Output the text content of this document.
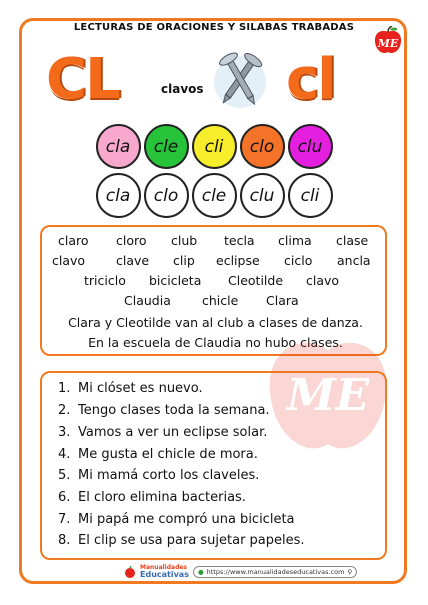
LECTURAS DE ORACIONES Y SILABAS TRABADAS
ME
CL	cl
clavos
cla	cle	cli	clo	clu
cla	clo	cle	clu	cli
claro cloro club tecla clima clase
clavo clave clip eclipse ciclo ancla
triciclo bicicleta Cleotilde clavo
Claudia chicle Clara
Clara y Cleotilde van al club a clases de danza.
En la escuela de Claudia no hubo clases.
ME
1. Mi clóset es nuevo.
2. Tengo clases toda la semana.
3. Vamos a ver un eclipse solar.
4. Me gusta el chicle de mora.
5. Mi mamá corto los claveles.
6. El cloro elimina bacterias.
7. Mi papá me compró una bicicleta
8. El clip se usa para sujetar papeles.
Manualidades
Educativas ● https://www.manualidadeseducativas.com ⚲
